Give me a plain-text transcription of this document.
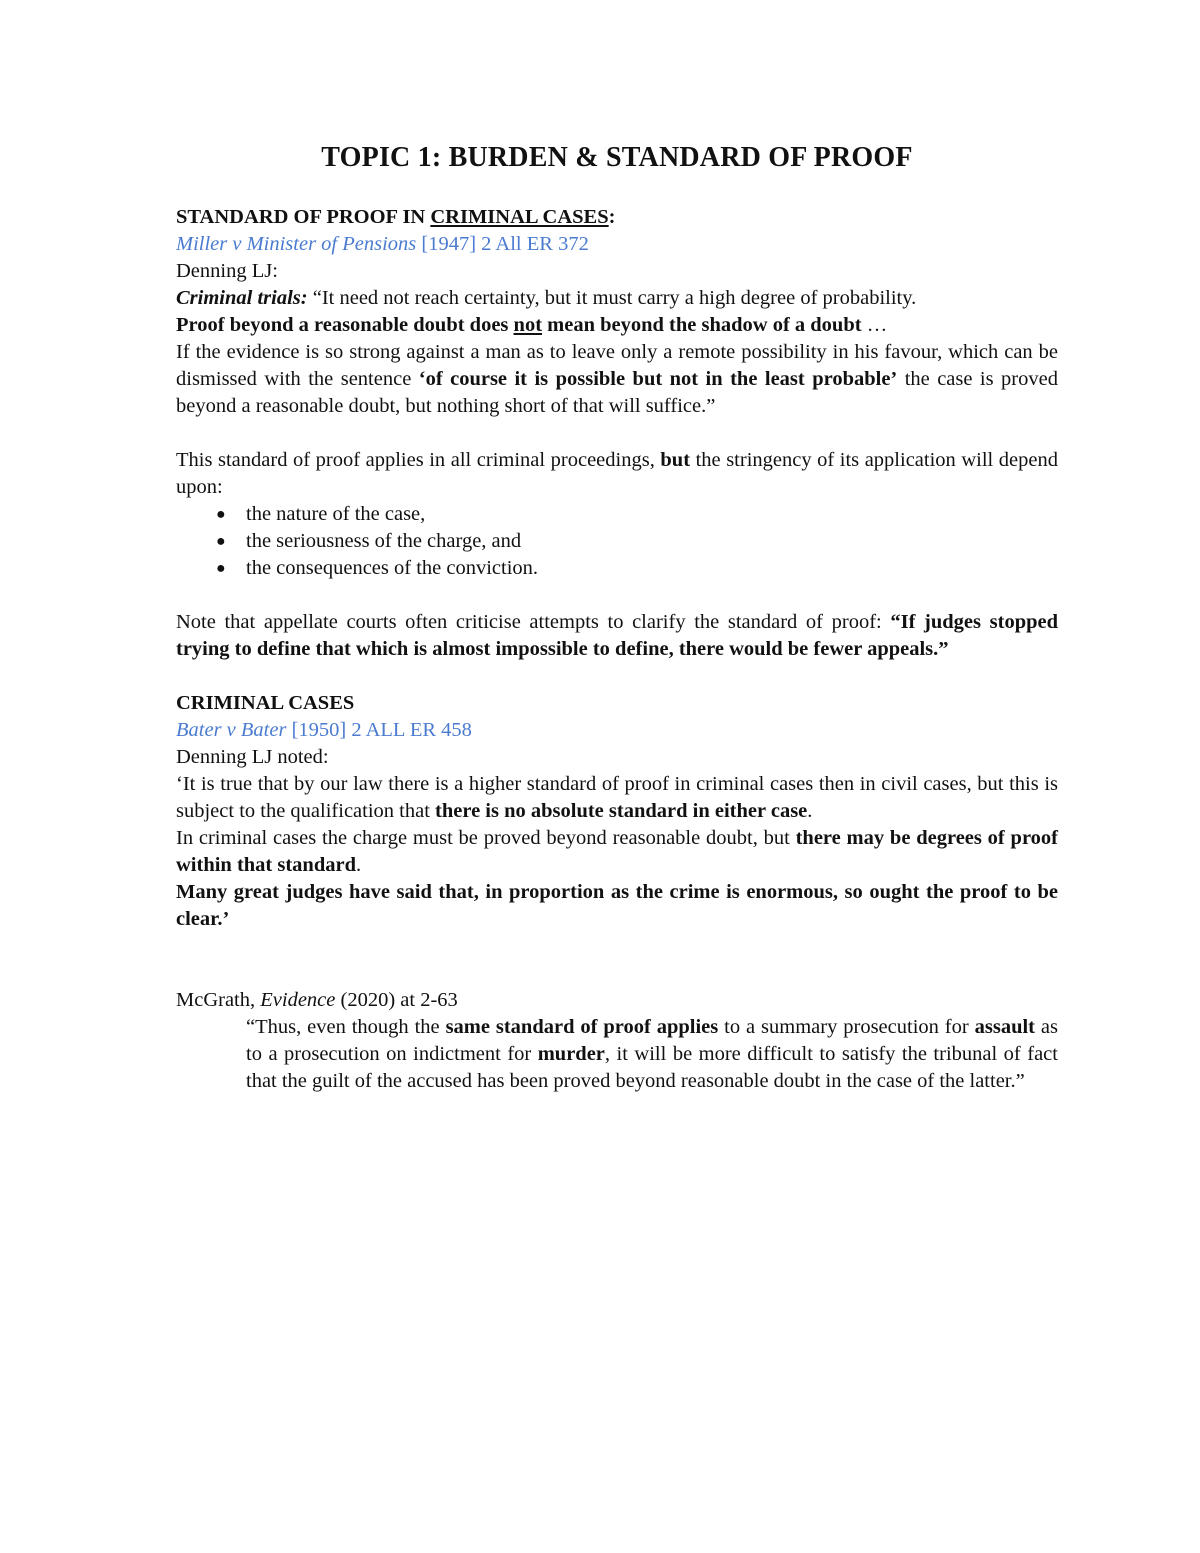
TOPIC 1: BURDEN & STANDARD OF PROOF

STANDARD OF PROOF IN CRIMINAL CASES:

Miller v Minister of Pensions [1947] 2 All ER 372

Denning LJ:

Criminal trials: “It need not reach certainty, but it must carry a high degree of probability.

Proof beyond a reasonable doubt does not mean beyond the shadow of a doubt …

If the evidence is so strong against a man as to leave only a remote possibility in his favour, which can be dismissed with the sentence ‘of course it is possible but not in the least probable’ the case is proved beyond a reasonable doubt, but nothing short of that will suffice.”

This standard of proof applies in all criminal proceedings, but the stringency of its application will depend upon:

● the nature of the case,
● the seriousness of the charge, and
● the consequences of the conviction.

Note that appellate courts often criticise attempts to clarify the standard of proof: “If judges stopped trying to define that which is almost impossible to define, there would be fewer appeals.”

CRIMINAL CASES

Bater v Bater [1950] 2 ALL ER 458

Denning LJ noted:

‘It is true that by our law there is a higher standard of proof in criminal cases then in civil cases, but this is subject to the qualification that there is no absolute standard in either case.

In criminal cases the charge must be proved beyond reasonable doubt, but there may be degrees of proof within that standard.

Many great judges have said that, in proportion as the crime is enormous, so ought the proof to be clear.’

McGrath, Evidence (2020) at 2-63

“Thus, even though the same standard of proof applies to a summary prosecution for assault as to a prosecution on indictment for murder, it will be more difficult to satisfy the tribunal of fact that the guilt of the accused has been proved beyond reasonable doubt in the case of the latter.”
